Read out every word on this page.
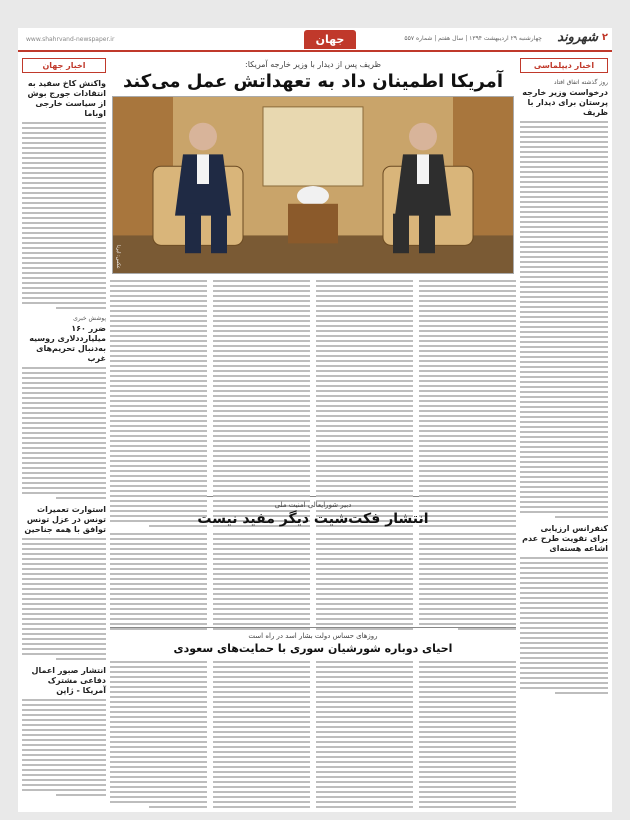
۲
شهروند
چهارشنبه ۲۹ اردیبهشت ۱۳۹۴ | سال هفتم | شماره ۵۵۷
جهان
www.shahrvand-newspaper.ir
اخبار دیپلماسی
روز گذشته اتفاق افتاد
درخواست وزیر خارجه پرستان برای دیدار با ظریف
کنفرانس ارزیابی برای تقویت طرح عدم اشاعه هسته‌ای
اخبار جهان
واکنش کاخ سفید به انتقادات جورج بوش از سیاست خارجی اوباما
پوشش خبری
ضرر ۱۶۰ میلیارددلاری روسیه به‌دنبال تحریم‌های غرب
استوارت تعمیرات تونس در عزل تونس توافق با همه جناحین
انتشار صبور اعمال دفاعی مشترک آمریکا - ژاپن
ظریف پس از دیدار با وزیر خارجه آمریکا:
آمریکا اطمینان داد به تعهداتش عمل می‌کند
عکس: ایرنا
دبیر شورایعالی امنیت ملی
انتشار فکت‌شیت دیگر مفید نیست
روزهای حساس دولت بشار اسد در راه است
احیای دوباره شورشیان سوری با حمایت‌های سعودی
